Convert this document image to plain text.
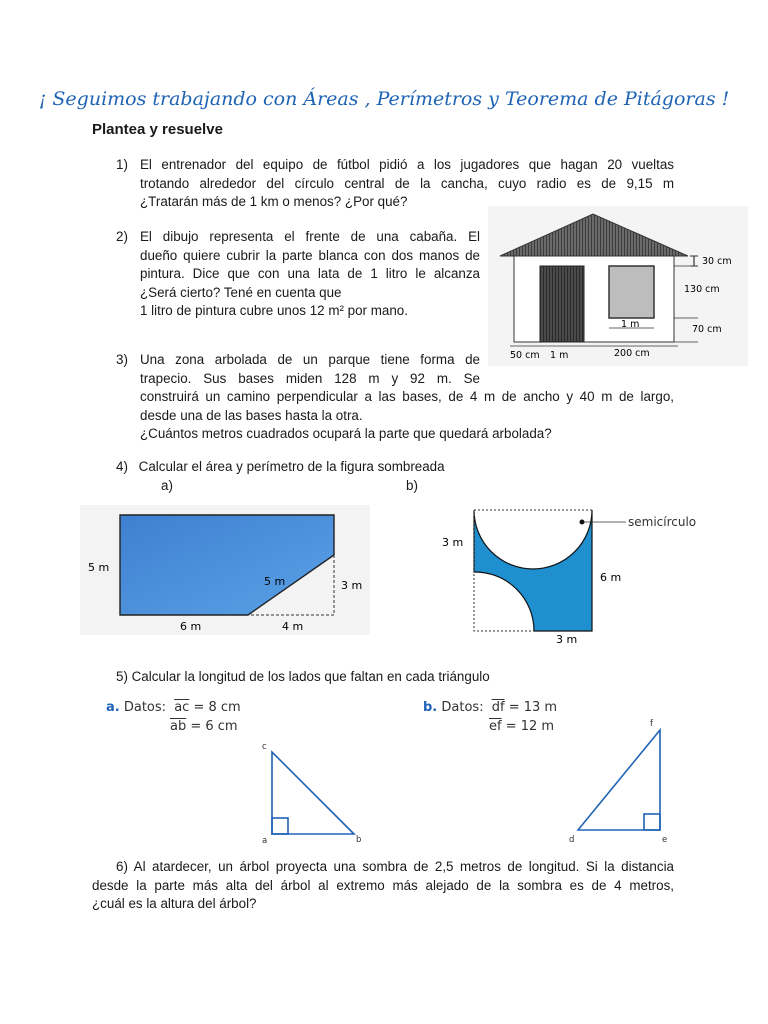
¡ Seguimos trabajando con Áreas , Perímetros y Teorema de Pitágoras !
Plantea y resuelve
1) El entrenador del equipo de fútbol pidió a los jugadores que hagan 20 vueltas
trotando alrededor del círculo central de la cancha, cuyo radio es de 9,15 m
¿Tratarán más de 1 km o menos? ¿Por qué?
2) El dibujo representa el frente de una cabaña. El
dueño quiere cubrir la parte blanca con dos manos de
pintura. Dice que con una lata de 1 litro le alcanza
¿Será cierto? Tené en cuenta que
1 litro de pintura cubre unos 12 m² por mano.
30 cm
130 cm
70 cm
1 m
50 cm 1 m	200 cm
3) Una zona arbolada de un parque tiene forma de
trapecio. Sus bases miden 128 m y 92 m. Se
construirá un camino perpendicular a las bases, de 4 m de ancho y 40 m de largo,
desde una de las bases hasta la otra.
¿Cuántos metros cuadrados ocupará la parte que quedará arbolada?
4) Calcular el área y perímetro de la figura sombreada
a)	b)
5 m
5 m	3 m
6 m	4 m
semicírculo
3 m
6 m
3 m
5) Calcular la longitud de los lados que faltan en cada triángulo
a. Datos: $\overline{ac} = 8$ cm
$\overline{ab} = 6$ cm
b. Datos: $\overline{df} = 13$ m
$\overline{ef} = 12$ m
c
a	b
f
d	e
6) Al atardecer, un árbol proyecta una sombra de 2,5 metros de longitud. Si la distancia
desde la parte más alta del árbol al extremo más alejado de la sombra es de 4 metros,
¿cuál es la altura del árbol?
